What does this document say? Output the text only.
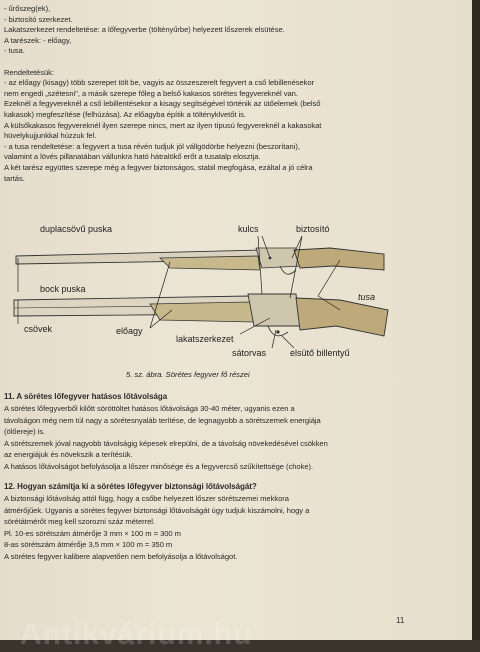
- űrőszeg(ek),
- biztosító szerkezet.
Lakatszerkezet rendeltetése: a lőfegyverbe (töltényűrbe) helyezett lőszerek elsütése.
A tarészek: - előagy,
- tusa.
Rendeltetésük:
- az előagy (kisagy) több szerepet tölt be, vagyis az összeszerelt fegyvert a cső lebillenésekor
nem engedi „szétesni", a másik szerepe főleg a belső kakasos sörétes fegyvereknél van.
Ezeknél a fegyvereknél a cső lebillentésekor a kisagy segítségével történik az ütőelemek (belső
kakasok) megfeszítése (felhúzása). Az előagyba építik a töltényklvetőt is.
A külsőkakasos fegyvereknél ilyen szerepe nincs, mert az ilyen típusú fegyvereknél a kakasokat
hüvelykujjunkkal húzzuk fel.
- a tusa rendeltetése: a fegyvert a tusa révén tudjuk jól vállgödörbe helyezni (beszorítani),
valamint a lövés pillanatában vállunkra ható hátralökő erőt a tusatalp elosztja.
A két tarész együttes szerepe még a fegyver biztonságos, stabil megfogása, ezáltal a jó célra
tartás.
duplacsövű puska	kulcs	biztosító
bock puska
tusa
csövek	előagy
lakatszerkezet
sátorvas	elsütő billentyű
5. sz. ábra. Sörétes fegyver fő részei
11. A sörétes lőfegyver hatásos lőtávolsága
A sörétes lőfegyverből kilőtt söröttöltet hatásos lőtávolsága 30-40 méter, ugyanis ezen a
távolságon még nem túl nagy a sörétesnyaláb terítése, de legnagyobb a sörétszemek energiája
(ölőereje) is.
A sörétszemek jóval nagyobb távolságig képesek elrepülni, de a távolság növekedésével csökken
az energiájuk és növekszik a terítésük.
A hatásos lőtávolságot befolyásolja a lőszer minősége és a fegyvercső szűkítettsége (choke).
12. Hogyan számítja ki a sörétes lőfegyver biztonsági lőtávolságát?
A biztonsági lőtávolság attól függ, hogy a csőbe helyezett lőszer sörétszemei mekkora
átmérőjűek. Ugyanis a sörétes fegyver biztonsági lőtávolságát úgy tudjuk kiszámolni, hogy a
sörétátmérőt meg kell szorozni száz méterrel.
Pl. 10-es sörétszám átmérője 3 mm × 100 m = 300 m
8-as sörétszám átmérője 3,5 mm × 100 m = 350 m
A sörétes fegyver kalibere alapvetően nem befolyásolja a lőtávolságot.
11
Antikvárium.hu
